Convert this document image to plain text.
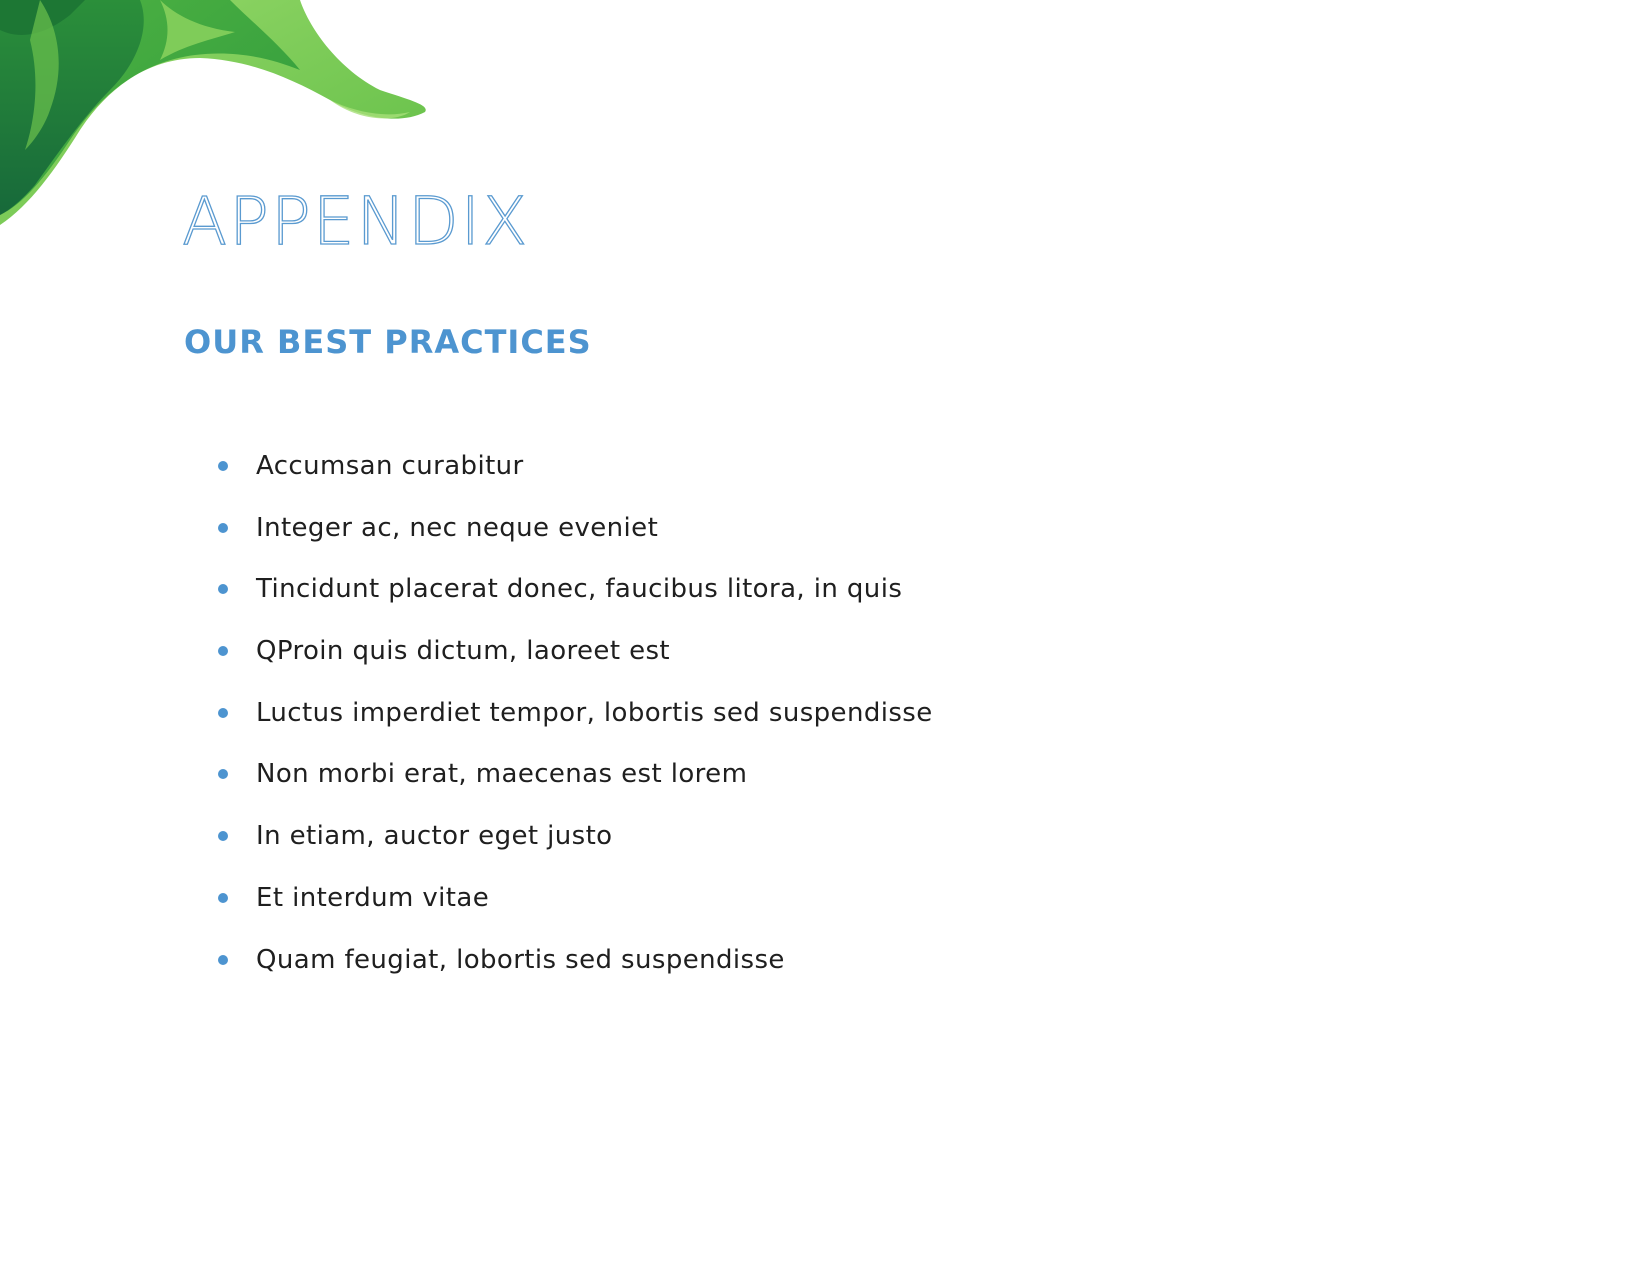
APPENDIX
OUR BEST PRACTICES
Accumsan curabitur
Integer ac, nec neque eveniet
Tincidunt placerat donec, faucibus litora, in quis
QProin quis dictum, laoreet est
Luctus imperdiet tempor, lobortis sed suspendisse
Non morbi erat, maecenas est lorem
In etiam, auctor eget justo
Et interdum vitae
Quam feugiat, lobortis sed suspendisse
